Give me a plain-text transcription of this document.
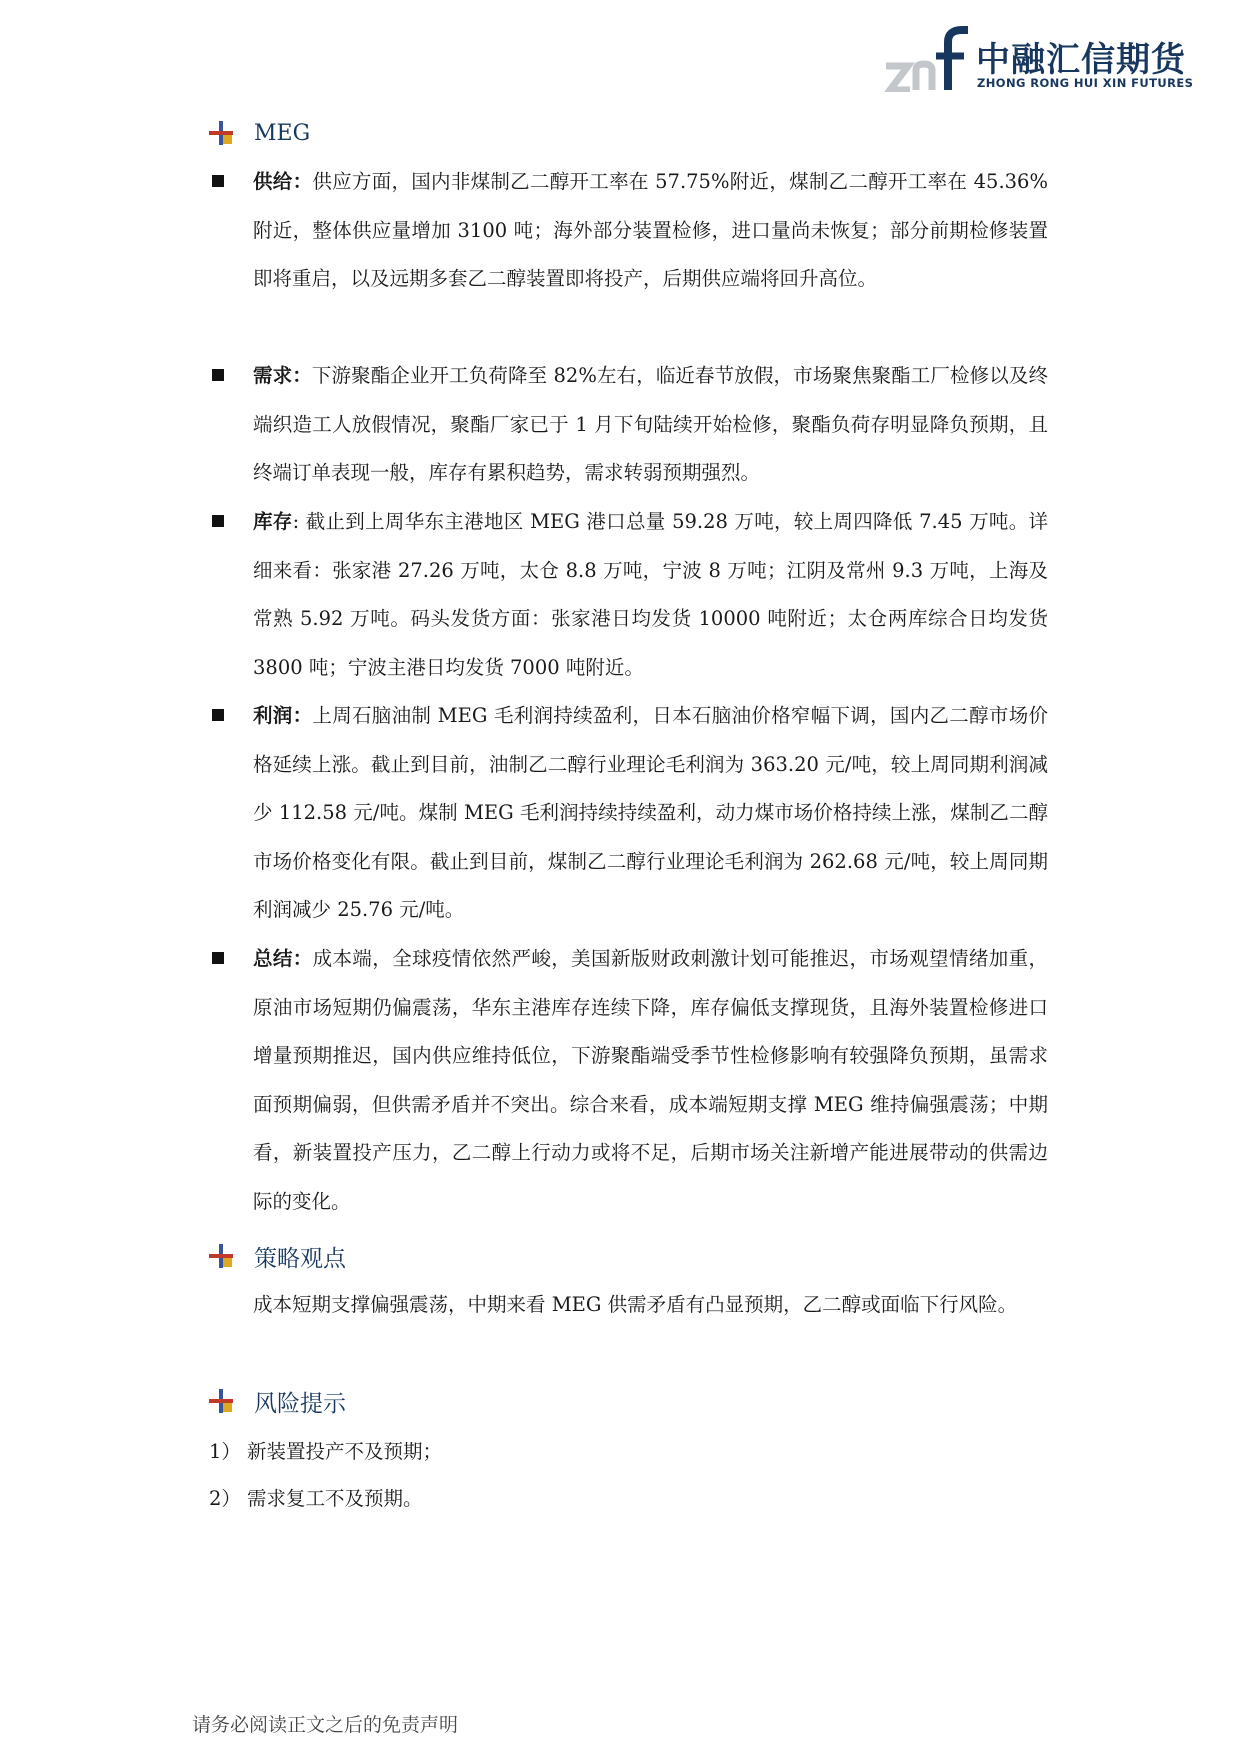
中融汇信期货
ZHONG RONG HUI XIN FUTURES
MEG
供给：供应方面，国内非煤制乙二醇开工率在 57.75%附近，煤制乙二醇开工率在 45.36%附近，整体供应量增加 3100 吨；海外部分装置检修，进口量尚未恢复；部分前期检修装置即将重启，以及远期多套乙二醇装置即将投产，后期供应端将回升高位。
需求：下游聚酯企业开工负荷降至 82%左右，临近春节放假，市场聚焦聚酯工厂检修以及终端织造工人放假情况，聚酯厂家已于 1 月下旬陆续开始检修，聚酯负荷存明显降负预期，且终端订单表现一般，库存有累积趋势，需求转弱预期强烈。
库存: 截止到上周华东主港地区 MEG 港口总量 59.28 万吨，较上周四降低 7.45 万吨。详细来看：张家港 27.26 万吨，太仓 8.8 万吨，宁波 8 万吨；江阴及常州 9.3 万吨，上海及常熟 5.92 万吨。码头发货方面：张家港日均发货 10000 吨附近；太仓两库综合日均发货 3800 吨；宁波主港日均发货 7000 吨附近。
利润：上周石脑油制 MEG 毛利润持续盈利，日本石脑油价格窄幅下调，国内乙二醇市场价格延续上涨。截止到目前，油制乙二醇行业理论毛利润为 363.20 元/吨，较上周同期利润减少 112.58 元/吨。煤制 MEG 毛利润持续持续盈利，动力煤市场价格持续上涨，煤制乙二醇市场价格变化有限。截止到目前，煤制乙二醇行业理论毛利润为 262.68 元/吨，较上周同期利润减少 25.76 元/吨。
总结：成本端，全球疫情依然严峻，美国新版财政刺激计划可能推迟，市场观望情绪加重，原油市场短期仍偏震荡，华东主港库存连续下降，库存偏低支撑现货，且海外装置检修进口增量预期推迟，国内供应维持低位，下游聚酯端受季节性检修影响有较强降负预期，虽需求面预期偏弱，但供需矛盾并不突出。综合来看，成本端短期支撑 MEG 维持偏强震荡；中期看，新装置投产压力，乙二醇上行动力或将不足，后期市场关注新增产能进展带动的供需边际的变化。
策略观点
成本短期支撑偏强震荡，中期来看 MEG 供需矛盾有凸显预期，乙二醇或面临下行风险。
风险提示
1） 新装置投产不及预期；
2） 需求复工不及预期。
请务必阅读正文之后的免责声明
